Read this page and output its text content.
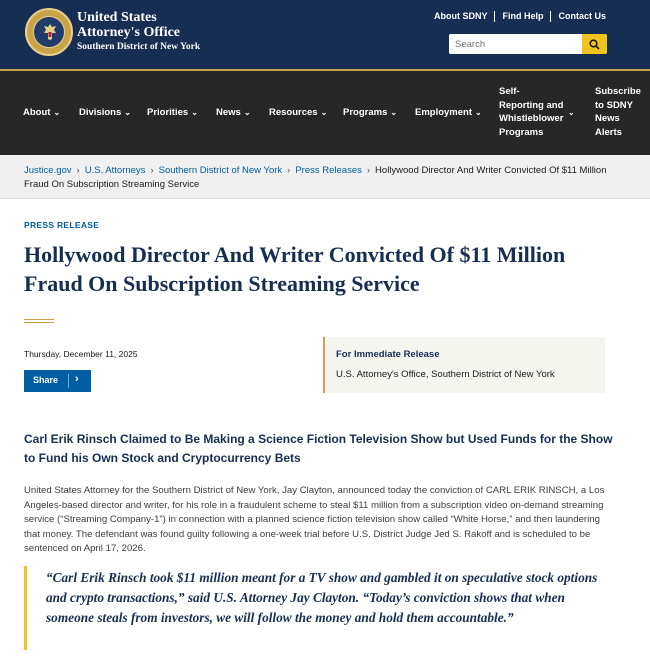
United States
Attorney's Office
Southern District of New York
About SDNY	Find Help	Contact Us
Search
About ⌄ Divisions ⌄ Priorities ⌄ News ⌄ Resources ⌄ Programs ⌄ Employment ⌄
Self-
Reporting and
Whistleblower
Programs
⌄
Subscribe
to SDNY
News
Alerts
Justice.gov › U.S. Attorneys › Southern District of New York › Press Releases › Hollywood Director And Writer Convicted Of $11 Million Fraud On Subscription Streaming Service
PRESS RELEASE
Hollywood Director And Writer Convicted Of $11 Million Fraud On Subscription Streaming Service
Thursday, December 11, 2025
Share ›
For Immediate Release
U.S. Attorney's Office, Southern District of New York
Carl Erik Rinsch Claimed to Be Making a Science Fiction Television Show but Used Funds for the Show to Fund his Own Stock and Cryptocurrency Bets

United States Attorney for the Southern District of New York, Jay Clayton, announced today the conviction of CARL ERIK RINSCH, a Los Angeles-based director and writer, for his role in a fraudulent scheme to steal $11 million from a subscription video on-demand streaming service (“Streaming Company-1”) in connection with a planned science fiction television show called “White Horse,” and then laundering that money. The defendant was found guilty following a one-week trial before U.S. District Judge Jed S. Rakoff and is scheduled to be sentenced on April 17, 2026.

“Carl Erik Rinsch took $11 million meant for a TV show and gambled it on speculative stock options and crypto transactions,” said U.S. Attorney Jay Clayton. “Today’s conviction shows that when someone steals from investors, we will follow the money and hold them accountable.”
